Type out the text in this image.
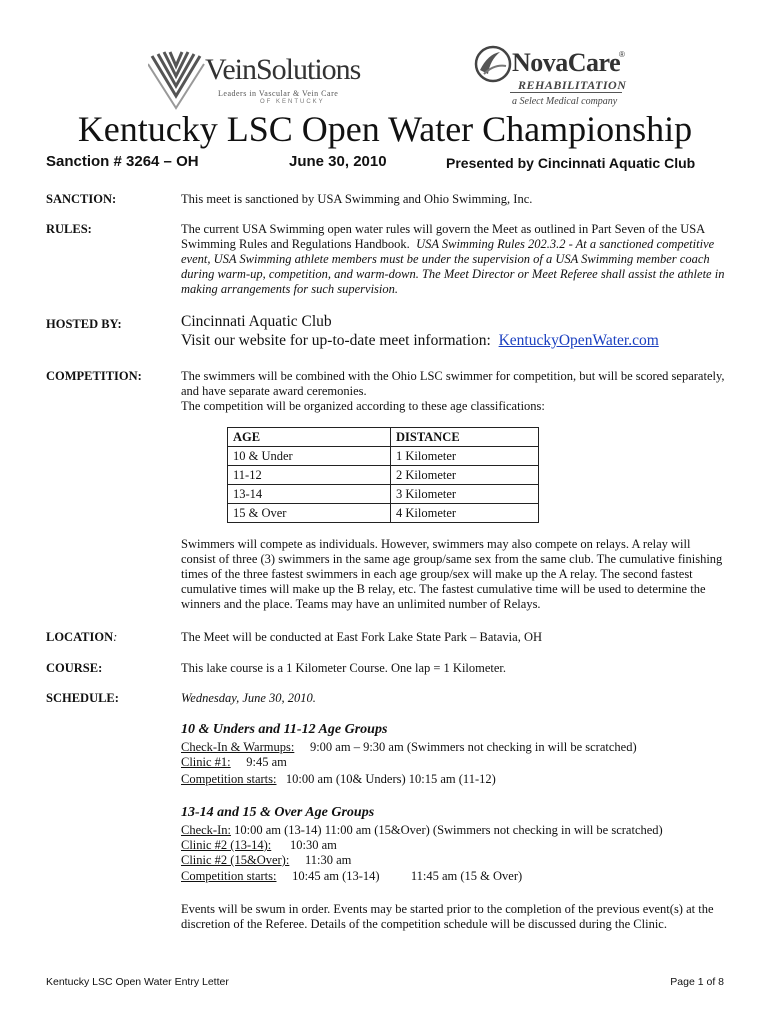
VeinSolutions
Leaders in Vascular & Vein Care
OF KENTUCKY
NovaCare
®
REHABILITATION
a Select Medical company
Kentucky LSC Open Water Championship
Sanction # 3264 – OH	June 30, 2010	Presented by Cincinnati Aquatic Club
SANCTION:	This meet is sanctioned by USA Swimming and Ohio Swimming, Inc.
RULES:	The current USA Swimming open water rules will govern the Meet as outlined in Part Seven of the USA Swimming Rules and Regulations Handbook. USA Swimming Rules 202.3.2 - At a sanctioned competitive event, USA Swimming athlete members must be under the supervision of a USA Swimming member coach during warm-up, competition, and warm-down. The Meet Director or Meet Referee shall assist the athlete in making arrangements for such supervision.
HOSTED BY:	Cincinnati Aquatic Club
Visit our website for up-to-date meet information: KentuckyOpenWater.com
COMPETITION:	The swimmers will be combined with the Ohio LSC swimmer for competition, but will be scored separately, and have separate award ceremonies.
The competition will be organized according to these age classifications:
AGE	DISTANCE
10 & Under	1 Kilometer
11-12	2 Kilometer
13-14	3 Kilometer
15 & Over	4 Kilometer
Swimmers will compete as individuals. However, swimmers may also compete on relays. A relay will consist of three (3) swimmers in the same age group/same sex from the same club. The cumulative finishing times of the three fastest swimmers in each age group/sex will make up the A relay. The second fastest cumulative times will make up the B relay, etc. The fastest cumulative time will be used to determine the winners and the place. Teams may have an unlimited number of Relays.
LOCATION:	The Meet will be conducted at East Fork Lake State Park – Batavia, OH
COURSE:	This lake course is a 1 Kilometer Course. One lap = 1 Kilometer.
SCHEDULE:	Wednesday, June 30, 2010.
10 & Unders and 11-12 Age Groups
Check-In & Warmups: 9:00 am – 9:30 am (Swimmers not checking in will be scratched)
Clinic #1: 9:45 am
Competition starts: 10:00 am (10& Unders) 10:15 am (11-12)
13-14 and 15 & Over Age Groups
Check-In: 10:00 am (13-14) 11:00 am (15&Over) (Swimmers not checking in will be scratched)
Clinic #2 (13-14): 10:30 am
Clinic #2 (15&Over): 11:30 am
Competition starts: 10:45 am (13-14)	11:45 am (15 & Over)
Events will be swum in order. Events may be started prior to the completion of the previous event(s) at the discretion of the Referee. Details of the competition schedule will be discussed during the Clinic.
Kentucky LSC Open Water Entry Letter	Page 1 of 8
